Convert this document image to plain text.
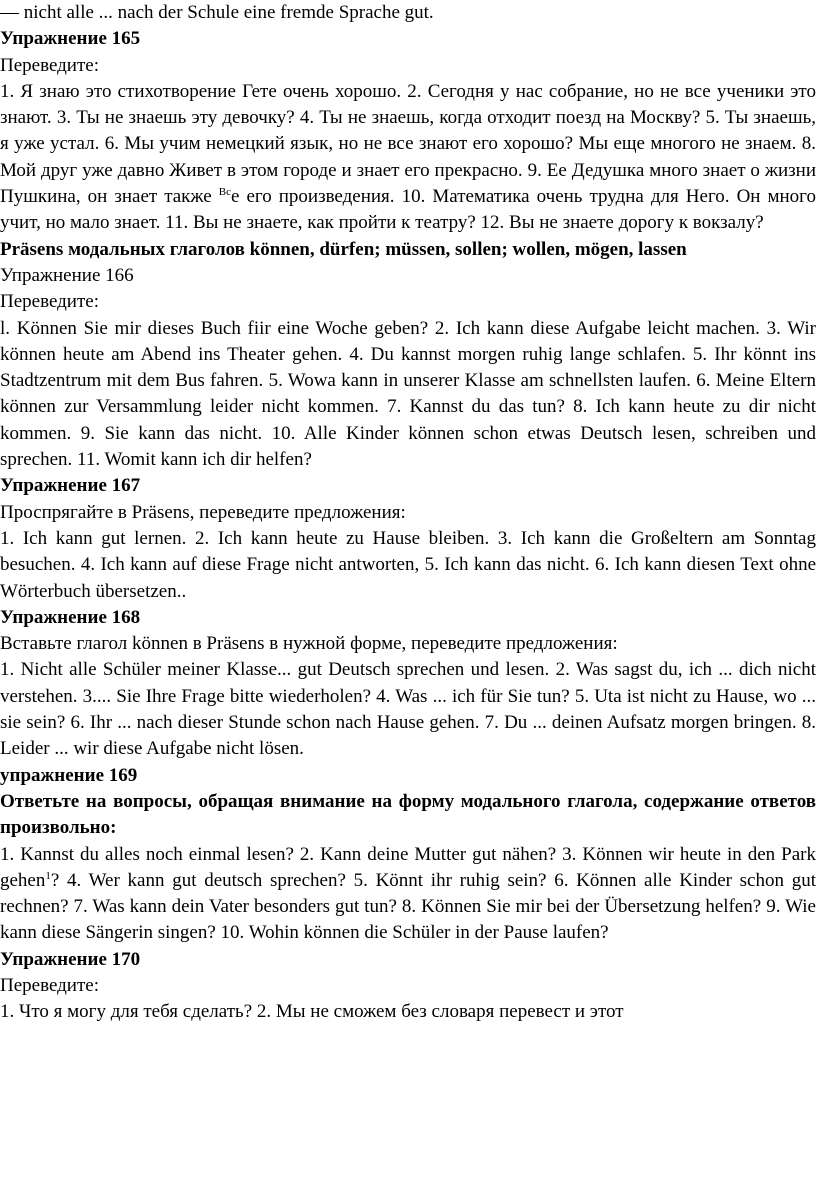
— nicht alle ... nach der Schule eine fremde Sprache gut.

Упражнение 165

Переведите:

1. Я знаю это стихотворение Гете очень хорошо. 2. Сегодня у нас собрание, но не все ученики это знают. 3. Ты не знаешь эту девочку? 4. Ты не знаешь, когда отходит поезд на Москву? 5. Ты знаешь, я уже устал. 6. Мы учим немецкий язык, но не все знают его хорошо? Мы еще многого не знаем. 8. Мой друг уже давно Живет в этом городе и знает его прекрасно. 9. Ее Дедушка много знает о жизни Пушкина, он знает также $^{Вс}$е его произведения. 10. Математика очень трудна для Него. Он много учит, но мало знает. 11. Вы не знаете, как пройти к театру? 12. Вы не знаете дорогу к вокзалу?

Präsens модальных глаголов können, dürfen; müssen, sollen; wollen, mögen, lassen

Упражнение 166

Переведите:

l. Können Sie mir dieses Buch fiir eine Woche geben? 2. Ich kann diese Aufgabe leicht machen. 3. Wir können heute am Abend ins Theater gehen. 4. Du kannst morgen ruhig lange schlafen. 5. Ihr könnt ins Stadtzentrum mit dem Bus fahren. 5. Wowa kann in unserer Klasse am schnellsten laufen. 6. Meine Eltern können zur Versammlung leider nicht kommen. 7. Kannst du das tun? 8. Ich kann heute zu dir nicht kommen. 9. Sie kann das nicht. 10. Alle Kinder können schon etwas Deutsch lesen, schreiben und sprechen. 11. Womit kann ich dir helfen?

Упражнение 167

Проспрягайте в Präsens, переведите предложения:

1. Ich kann gut lernen. 2. Ich kann heute zu Hause bleiben. 3. Ich kann die Großeltern am Sonntag besuchen. 4. Ich kann auf diese Frage nicht antworten, 5. Ich kann das nicht. 6. Ich kann diesen Text ohne Wörterbuch übersetzen..

Упражнение 168

Вставьте глагол können в Präsens в нужной форме, переведите предложения:

1. Nicht alle Schüler meiner Klasse... gut Deutsch sprechen und lesen. 2. Was sagst du, ich ... dich nicht verstehen. 3.... Sie Ihre Frage bitte wiederholen? 4. Was ... ich für Sie tun? 5. Uta ist nicht zu Hause, wo ... sie sein? 6. Ihr ... nach dieser Stunde schon nach Hause gehen. 7. Du ... deinen Aufsatz morgen bringen. 8. Leider ... wir diese Aufgabe nicht lösen.

упражнение 169

Ответьте на вопросы, обращая внимание на форму модального глагола, содержание ответов произвольно:

1. Kannst du alles noch einmal lesen? 2. Kann deine Mutter gut nähen? 3. Können wir heute in den Park gehen$^1$? 4. Wer kann gut deutsch sprechen? 5. Könnt ihr ruhig sein? 6. Können alle Kinder schon gut rechnen? 7. Was kann dein Vater besonders gut tun? 8. Können Sie mir bei der Übersetzung helfen? 9. Wie kann diese Sängerin singen? 10. Wohin können die Schüler in der Pause laufen?

Упражнение 170

Переведите:

1. Что я могу для тебя сделать? 2. Мы не сможем без словаря перевест и этот
